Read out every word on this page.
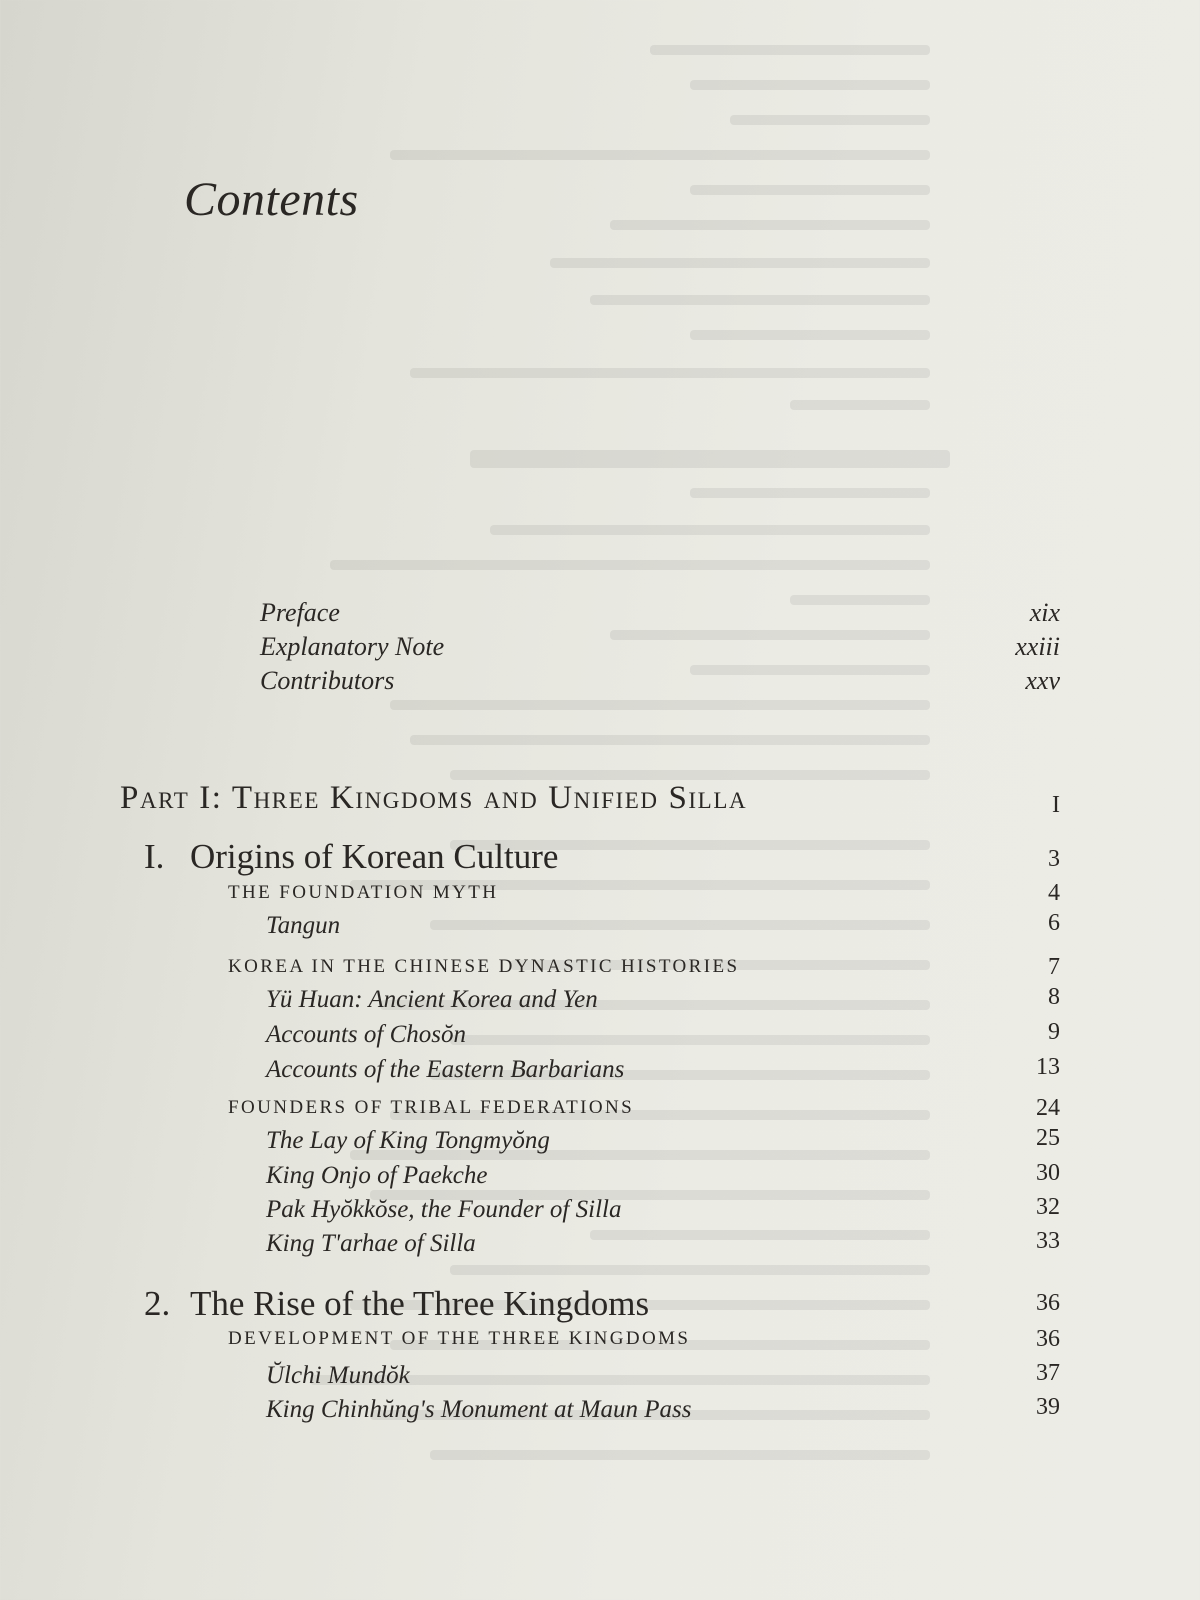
Contents
Preface	xix
Explanatory Note	xxiii
Contributors	xxv
Part I: Three Kingdoms and Unified Silla	I
I. Origins of Korean Culture	3
THE FOUNDATION MYTH	4
Tangun	6
KOREA IN THE CHINESE DYNASTIC HISTORIES	7
Yü Huan: Ancient Korea and Yen	8
Accounts of Chosŏn	9
Accounts of the Eastern Barbarians	13
FOUNDERS OF TRIBAL FEDERATIONS	24
The Lay of King Tongmyŏng	25
King Onjo of Paekche	30
Pak Hyŏkkŏse, the Founder of Silla	32
King T'arhae of Silla	33
2. The Rise of the Three Kingdoms	36
DEVELOPMENT OF THE THREE KINGDOMS	36
Ŭlchi Mundŏk	37
King Chinhŭng's Monument at Maun Pass	39
